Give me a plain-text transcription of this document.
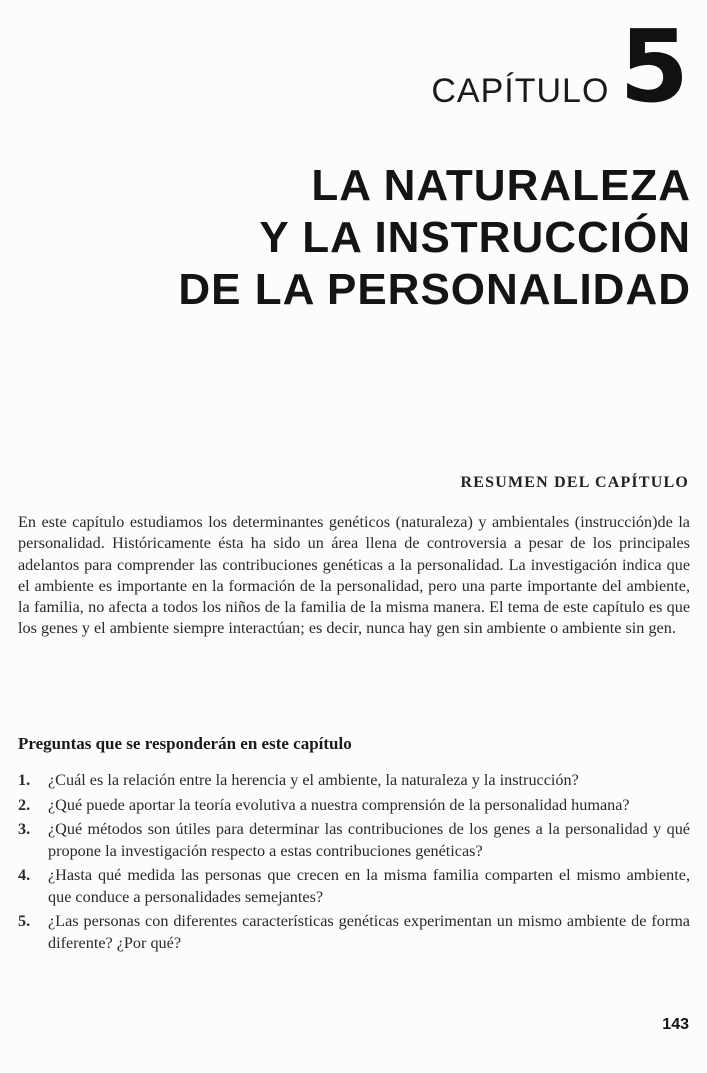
CAPÍTULO 5
LA NATURALEZA
Y LA INSTRUCCIÓN
DE LA PERSONALIDAD
RESUMEN DEL CAPÍTULO
En este capítulo estudiamos los determinantes genéticos (naturaleza) y ambientales (instrucción)de la personalidad. Históricamente ésta ha sido un área llena de controversia a pesar de los principales adelantos para comprender las contribuciones genéticas a la personalidad. La investigación indica que el ambiente es importante en la formación de la personalidad, pero una parte importante del ambiente, la familia, no afecta a todos los niños de la familia de la misma manera. El tema de este capítulo es que los genes y el ambiente siempre interactúan; es decir, nunca hay gen sin ambiente o ambiente sin gen.
Preguntas que se responderán en este capítulo
1.	¿Cuál es la relación entre la herencia y el ambiente, la naturaleza y la instrucción?
2.	¿Qué puede aportar la teoría evolutiva a nuestra comprensión de la personalidad humana?
3.	¿Qué métodos son útiles para determinar las contribuciones de los genes a la personalidad y qué propone la investigación respecto a estas contribuciones genéticas?
4.	¿Hasta qué medida las personas que crecen en la misma familia comparten el mismo ambiente, que conduce a personalidades semejantes?
5.	¿Las personas con diferentes características genéticas experimentan un mismo ambiente de forma diferente? ¿Por qué?
143
